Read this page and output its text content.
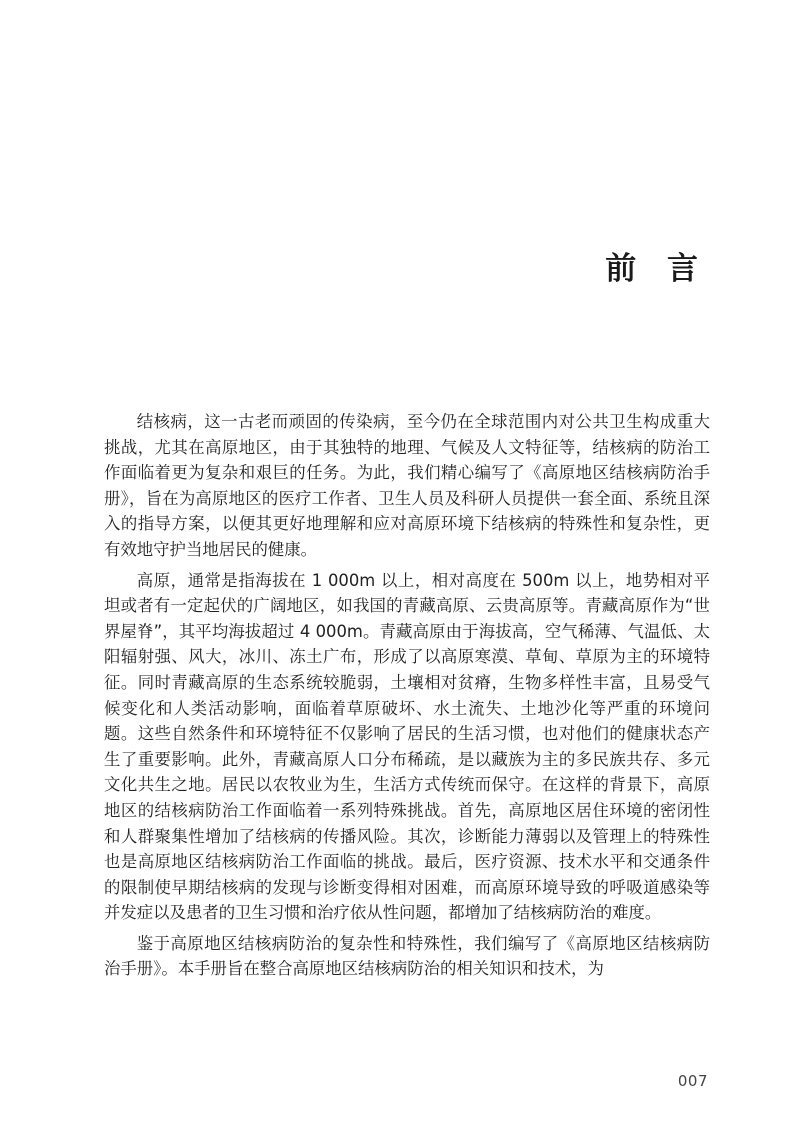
前 言

结核病，这一古老而顽固的传染病，至今仍在全球范围内对公共卫生构成重大挑战，尤其在高原地区，由于其独特的地理、气候及人文特征等，结核病的防治工作面临着更为复杂和艰巨的任务。为此，我们精心编写了《高原地区结核病防治手册》，旨在为高原地区的医疗工作者、卫生人员及科研人员提供一套全面、系统且深入的指导方案，以便其更好地理解和应对高原环境下结核病的特殊性和复杂性，更有效地守护当地居民的健康。

高原，通常是指海拔在 1 000m 以上，相对高度在 500m 以上，地势相对平坦或者有一定起伏的广阔地区，如我国的青藏高原、云贵高原等。青藏高原作为“世界屋脊”，其平均海拔超过 4 000m。青藏高原由于海拔高，空气稀薄、气温低、太阳辐射强、风大，冰川、冻土广布，形成了以高原寒漠、草甸、草原为主的环境特征。同时青藏高原的生态系统较脆弱，土壤相对贫瘠，生物多样性丰富，且易受气候变化和人类活动影响，面临着草原破坏、水土流失、土地沙化等严重的环境问题。这些自然条件和环境特征不仅影响了居民的生活习惯，也对他们的健康状态产生了重要影响。此外，青藏高原人口分布稀疏，是以藏族为主的多民族共存、多元文化共生之地。居民以农牧业为生，生活方式传统而保守。在这样的背景下，高原地区的结核病防治工作面临着一系列特殊挑战。首先，高原地区居住环境的密闭性和人群聚集性增加了结核病的传播风险。其次，诊断能力薄弱以及管理上的特殊性也是高原地区结核病防治工作面临的挑战。最后，医疗资源、技术水平和交通条件的限制使早期结核病的发现与诊断变得相对困难，而高原环境导致的呼吸道感染等并发症以及患者的卫生习惯和治疗依从性问题，都增加了结核病防治的难度。

鉴于高原地区结核病防治的复杂性和特殊性，我们编写了《高原地区结核病防治手册》。本手册旨在整合高原地区结核病防治的相关知识和技术，为

007
